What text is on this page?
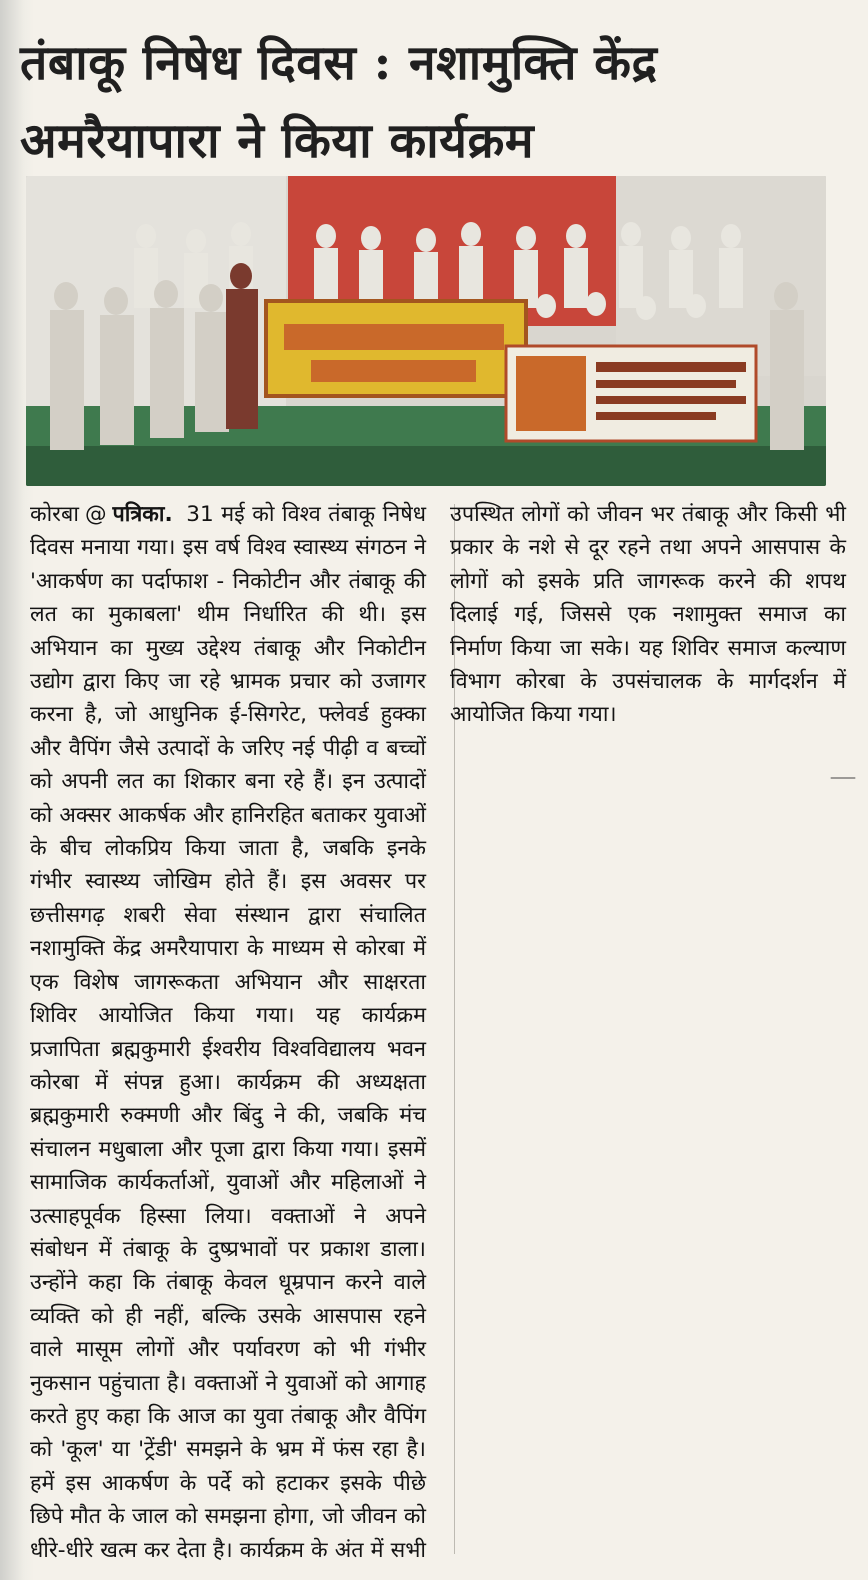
तंबाकू निषेध दिवस : नशामुक्ति केंद्र
अमरैयापारा ने किया कार्यक्रम

कोरबा @ पत्रिका. 31 मई को विश्व तंबाकू निषेध दिवस मनाया गया। इस वर्ष विश्व स्वास्थ्य संगठन ने 'आकर्षण का पर्दाफाश - निकोटीन और तंबाकू की लत का मुकाबला' थीम निर्धारित की थी। इस अभियान का मुख्य उद्देश्य तंबाकू और निकोटीन उद्योग द्वारा किए जा रहे भ्रामक प्रचार को उजागर करना है, जो आधुनिक ई-सिगरेट, फ्लेवर्ड हुक्का और वैपिंग जैसे उत्पादों के जरिए नई पीढ़ी व बच्चों को अपनी लत का शिकार बना रहे हैं। इन उत्पादों को अक्सर आकर्षक और हानिरहित बताकर युवाओं के बीच लोकप्रिय किया जाता है, जबकि इनके गंभीर स्वास्थ्य जोखिम होते हैं। इस अवसर पर छत्तीसगढ़ शबरी सेवा संस्थान द्वारा संचालित नशामुक्ति केंद्र अमरैयापारा के माध्यम से कोरबा में एक विशेष जागरूकता अभियान और साक्षरता शिविर आयोजित किया गया। यह कार्यक्रम प्रजापिता ब्रह्मकुमारी ईश्वरीय विश्वविद्यालय भवन कोरबा में संपन्न हुआ। कार्यक्रम की अध्यक्षता ब्रह्मकुमारी रुक्मणी और बिंदु ने की, जबकि मंच संचालन मधुबाला और पूजा द्वारा किया गया। इसमें सामाजिक कार्यकर्ताओं, युवाओं और महिलाओं ने उत्साहपूर्वक हिस्सा लिया। वक्ताओं ने अपने संबोधन में तंबाकू के दुष्प्रभावों पर प्रकाश डाला। उन्होंने कहा कि तंबाकू केवल धूम्रपान करने वाले व्यक्ति को ही नहीं, बल्कि उसके आसपास रहने वाले मासूम लोगों और पर्यावरण को भी गंभीर नुकसान पहुंचाता है। वक्ताओं ने युवाओं को आगाह करते हुए कहा कि आज का युवा तंबाकू और वैपिंग को 'कूल' या 'ट्रेंडी' समझने के भ्रम में फंस रहा है। हमें इस आकर्षण के पर्दे को हटाकर इसके पीछे छिपे मौत के जाल को समझना होगा, जो जीवन को धीरे-धीरे खत्म कर देता है। कार्यक्रम के अंत में सभी उपस्थित लोगों को जीवन भर तंबाकू और किसी भी प्रकार के नशे से दूर रहने तथा अपने आसपास के लोगों को इसके प्रति जागरूक करने की शपथ दिलाई गई, जिससे एक नशामुक्त समाज का निर्माण किया जा सके। यह शिविर समाज कल्याण विभाग कोरबा के उपसंचालक के मार्गदर्शन में आयोजित किया गया।

——
